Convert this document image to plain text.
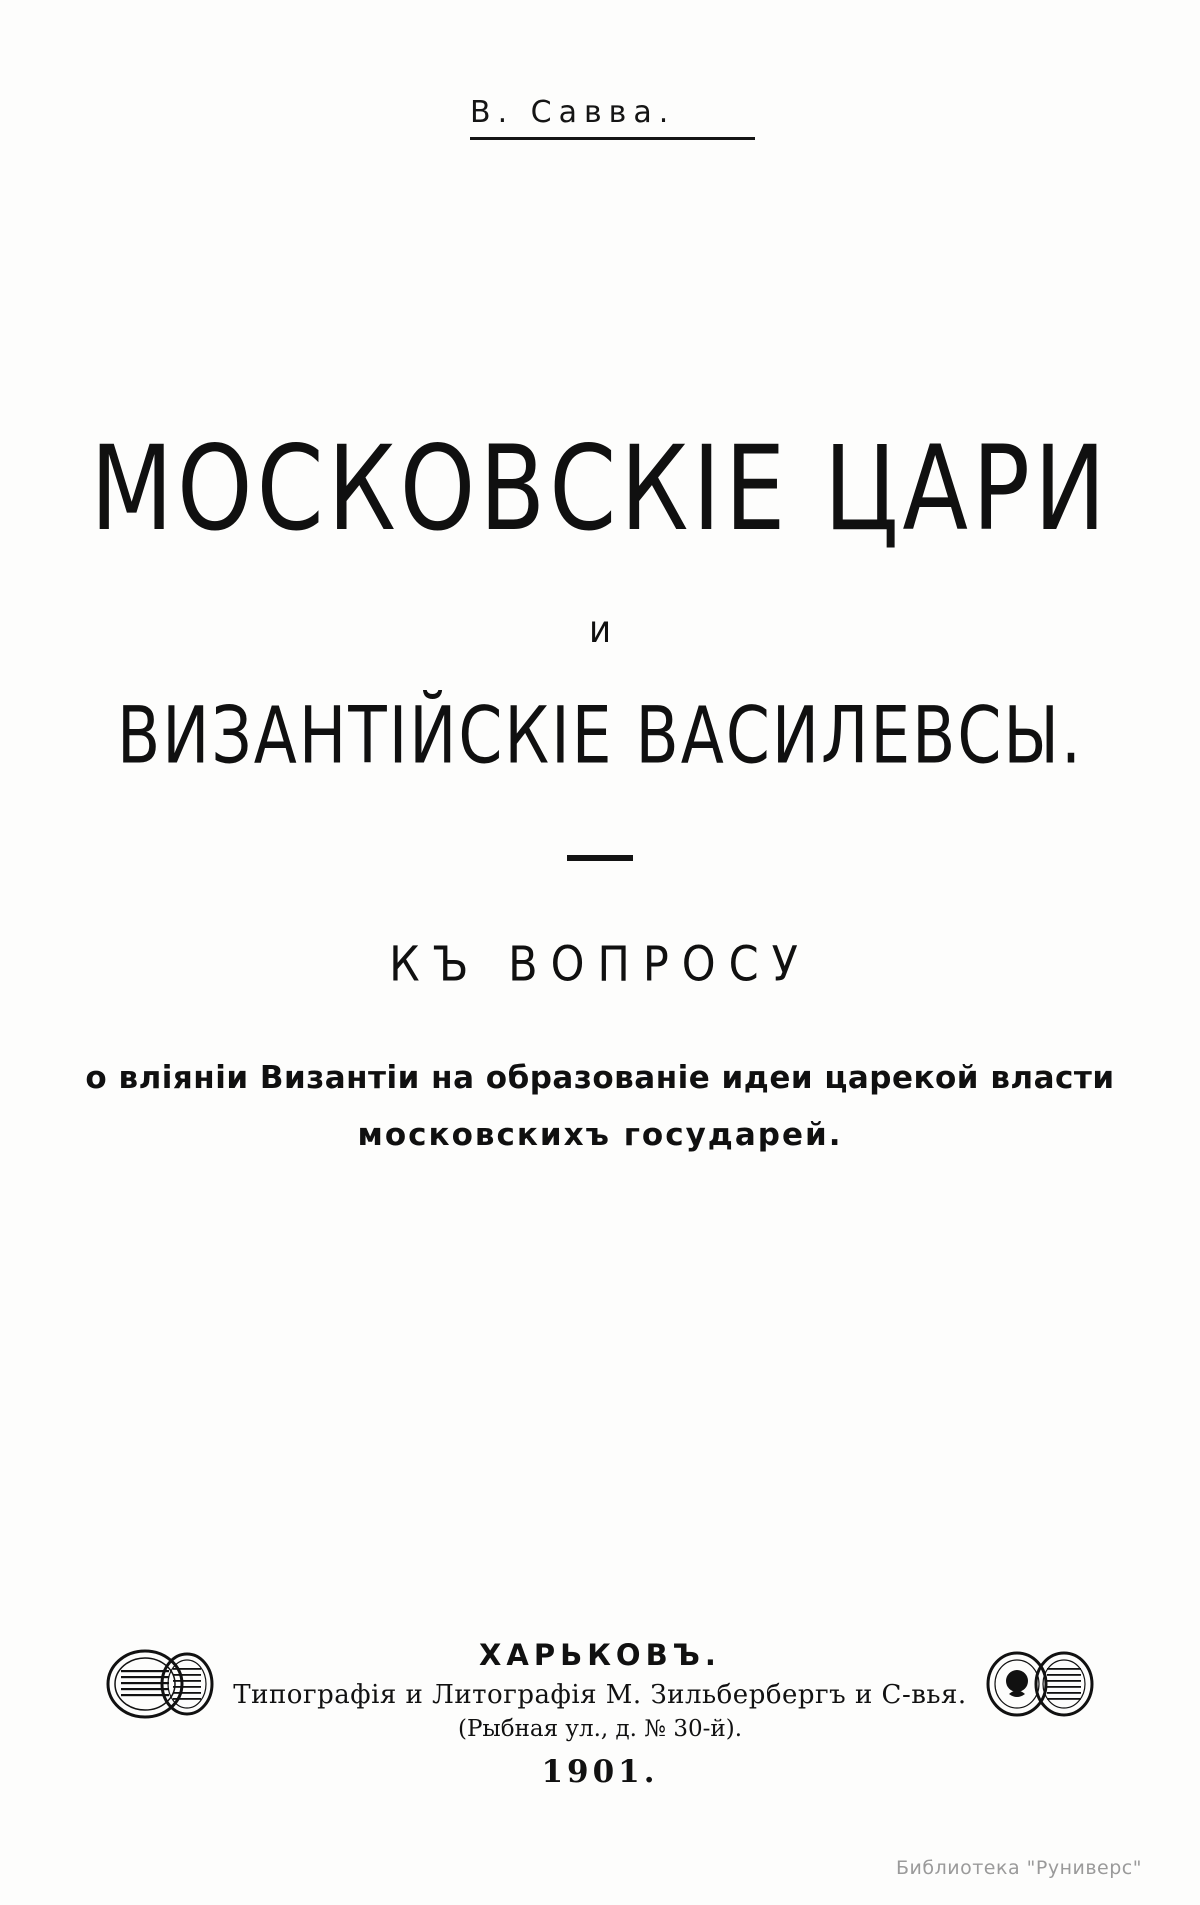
В. Савва.
МОСКОВСКІЕ ЦАРИ
и
ВИЗАНТІЙСКІЕ ВАСИЛЕВСЫ.
КЪ ВОПРОСУ
о вліяніи Византіи на образованіе идеи царекой власти
московскихъ государей.
ХАРЬКОВЪ.
Типографія и Литографія М. Зильбербергъ и С-вья.
(Рыбная ул., д. № 30-й).
1901.
Библиотека "Руниверс"
